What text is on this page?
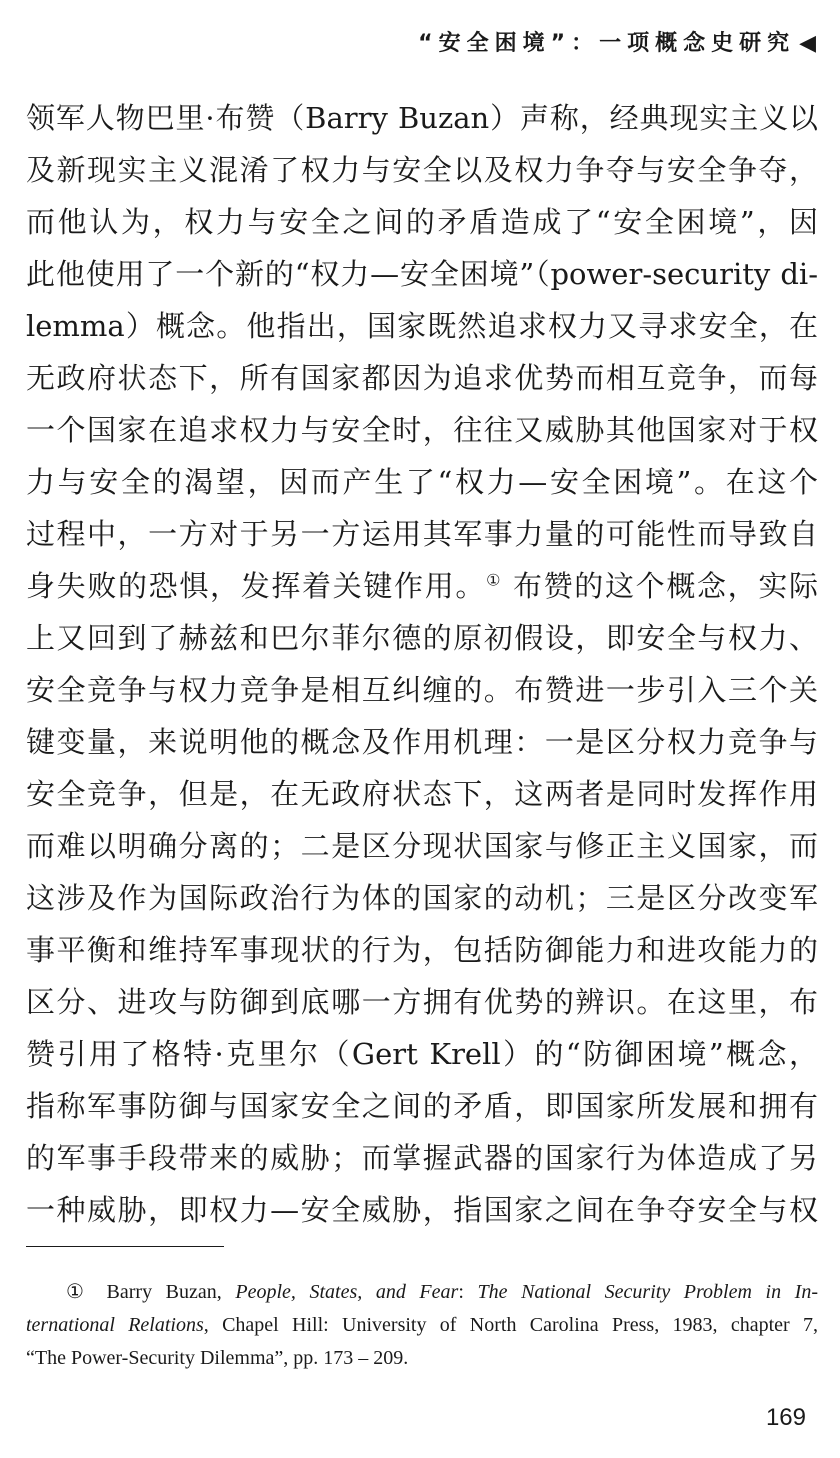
“安全困境”：一项概念史研究 ◀
领军人物巴里·布赞（Barry Buzan）声称，经典现实主义以
及新现实主义混淆了权力与安全以及权力争夺与安全争夺，
而他认为，权力与安全之间的矛盾造成了“安全困境”，因
此他使用了一个新的“权力—安全困境”（power-security di-
lemma）概念。他指出，国家既然追求权力又寻求安全，在
无政府状态下，所有国家都因为追求优势而相互竞争，而每
一个国家在追求权力与安全时，往往又威胁其他国家对于权
力与安全的渴望，因而产生了“权力—安全困境”。在这个
过程中，一方对于另一方运用其军事力量的可能性而导致自
身失败的恐惧，发挥着关键作用。① 布赞的这个概念，实际
上又回到了赫兹和巴尔菲尔德的原初假设，即安全与权力、
安全竞争与权力竞争是相互纠缠的。布赞进一步引入三个关
键变量，来说明他的概念及作用机理：一是区分权力竞争与
安全竞争，但是，在无政府状态下，这两者是同时发挥作用
而难以明确分离的；二是区分现状国家与修正主义国家，而
这涉及作为国际政治行为体的国家的动机；三是区分改变军
事平衡和维持军事现状的行为，包括防御能力和进攻能力的
区分、进攻与防御到底哪一方拥有优势的辨识。在这里，布
赞引用了格特·克里尔（Gert Krell）的“防御困境”概念，
指称军事防御与国家安全之间的矛盾，即国家所发展和拥有
的军事手段带来的威胁；而掌握武器的国家行为体造成了另
一种威胁，即权力—安全威胁，指国家之间在争夺安全与权
① Barry Buzan, People, States, and Fear: The National Security Problem in In-
ternational Relations, Chapel Hill: University of North Carolina Press, 1983, chapter 7,
“The Power-Security Dilemma”, pp. 173 – 209.
169
